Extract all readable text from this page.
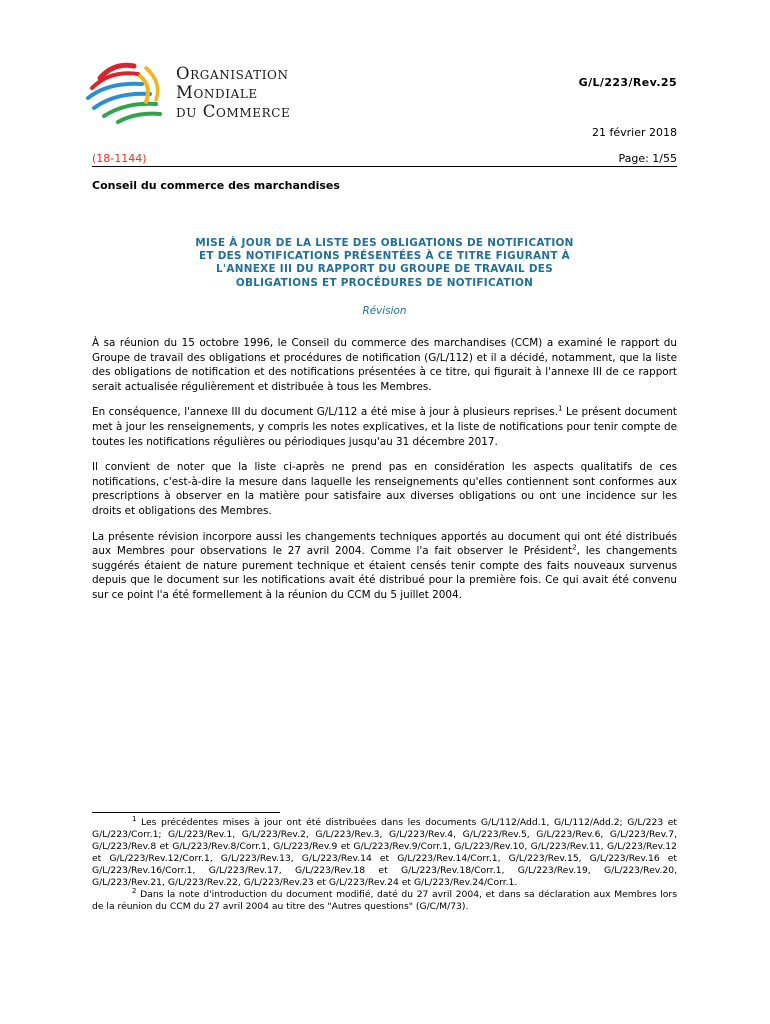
Organisation
Mondiale
du Commerce
G/L/223/Rev.25
21 février 2018
(18-1144)	Page: 1/55
Conseil du commerce des marchandises
MISE À JOUR DE LA LISTE DES OBLIGATIONS DE NOTIFICATION
ET DES NOTIFICATIONS PRÉSENTÉES À CE TITRE FIGURANT À
L'ANNEXE III DU RAPPORT DU GROUPE DE TRAVAIL DES
OBLIGATIONS ET PROCÉDURES DE NOTIFICATION
Révision

À sa réunion du 15 octobre 1996, le Conseil du commerce des marchandises (CCM) a examiné le rapport du Groupe de travail des obligations et procédures de notification (G/L/112) et il a décidé, notamment, que la liste des obligations de notification et des notifications présentées à ce titre, qui figurait à l'annexe III de ce rapport serait actualisée régulièrement et distribuée à tous les Membres.

En conséquence, l'annexe III du document G/L/112 a été mise à jour à plusieurs reprises.$^1$ Le présent document met à jour les renseignements, y compris les notes explicatives, et la liste de notifications pour tenir compte de toutes les notifications régulières ou périodiques jusqu'au 31 décembre 2017.

Il convient de noter que la liste ci-après ne prend pas en considération les aspects qualitatifs de ces notifications, c'est-à-dire la mesure dans laquelle les renseignements qu'elles contiennent sont conformes aux prescriptions à observer en la matière pour satisfaire aux diverses obligations ou ont une incidence sur les droits et obligations des Membres.

La présente révision incorpore aussi les changements techniques apportés au document qui ont été distribués aux Membres pour observations le 27 avril 2004. Comme l'a fait observer le Président$^2$, les changements suggérés étaient de nature purement technique et étaient censés tenir compte des faits nouveaux survenus depuis que le document sur les notifications avait été distribué pour la première fois. Ce qui avait été convenu sur ce point l'a été formellement à la réunion du CCM du 5 juillet 2004.

$^1$ Les précédentes mises à jour ont été distribuées dans les documents G/L/112/Add.1, G/L/112/Add.2; G/L/223 et G/L/223/Corr.1; G/L/223/Rev.1, G/L/223/Rev.2, G/L/223/Rev.3, G/L/223/Rev.4, G/L/223/Rev.5, G/L/223/Rev.6, G/L/223/Rev.7, G/L/223/Rev.8 et G/L/223/Rev.8/Corr.1, G/L/223/Rev.9 et G/L/223/Rev.9/Corr.1, G/L/223/Rev.10, G/L/223/Rev.11, G/L/223/Rev.12 et G/L/223/Rev.12/Corr.1, G/L/223/Rev.13, G/L/223/Rev.14 et G/L/223/Rev.14/Corr.1, G/L/223/Rev.15, G/L/223/Rev.16 et G/L/223/Rev.16/Corr.1, G/L/223/Rev.17, G/L/223/Rev.18 et G/L/223/Rev.18/Corr.1, G/L/223/Rev.19, G/L/223/Rev.20, G/L/223/Rev.21, G/L/223/Rev.22, G/L/223/Rev.23 et G/L/223/Rev.24 et G/L/223/Rev.24/Corr.1.

$^2$ Dans la note d'introduction du document modifié, daté du 27 avril 2004, et dans sa déclaration aux Membres lors de la réunion du CCM du 27 avril 2004 au titre des "Autres questions" (G/C/M/73).
